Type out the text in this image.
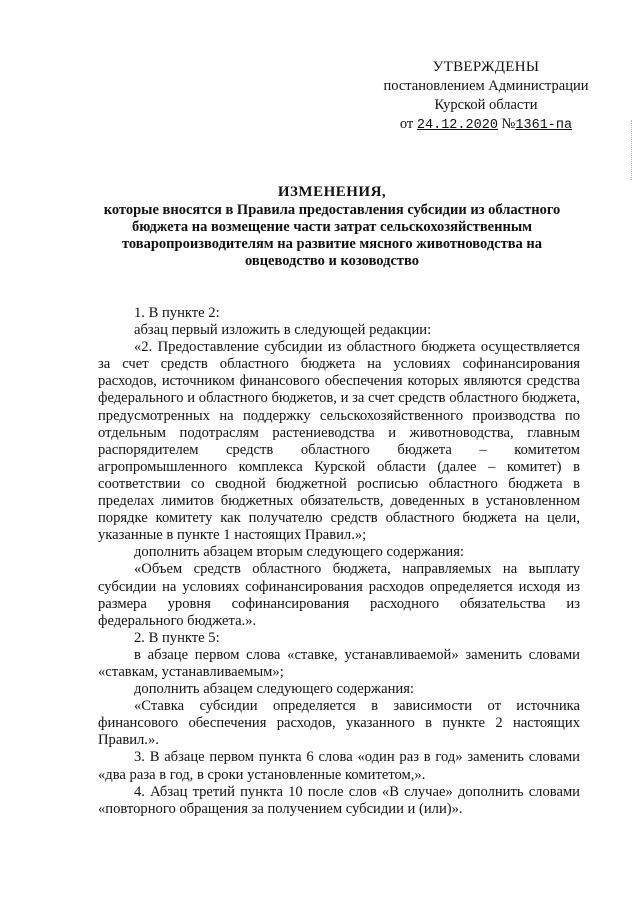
УТВЕРЖДЕНЫ
постановлением Администрации
Курской области
от 24.12.2020 №1361-па
ИЗМЕНЕНИЯ,
которые вносятся в Правила предоставления субсидии из областного
бюджета на возмещение части затрат сельскохозяйственным
товаропроизводителям на развитие мясного животноводства на
овцеводство и козоводство

1. В пункте 2:

абзац первый изложить в следующей редакции:

«2. Предоставление субсидии из областного бюджета осуществляется за счет средств областного бюджета на условиях софинансирования расходов, источником финансового обеспечения которых являются средства федерального и областного бюджетов, и за счет средств областного бюджета, предусмотренных на поддержку сельскохозяйственного производства по отдельным подотраслям растениеводства и животноводства, главным распорядителем средств областного бюджета – комитетом агропромышленного комплекса Курской области (далее – комитет) в соответствии со сводной бюджетной росписью областного бюджета в пределах лимитов бюджетных обязательств, доведенных в установленном порядке комитету как получателю средств областного бюджета на цели, указанные в пункте 1 настоящих Правил.»;

дополнить абзацем вторым следующего содержания:

«Объем средств областного бюджета, направляемых на выплату субсидии на условиях софинансирования расходов определяется исходя из размера уровня софинансирования расходного обязательства из федерального бюджета.».

2. В пункте 5:

в абзаце первом слова «ставке, устанавливаемой» заменить словами «ставкам, устанавливаемым»;

дополнить абзацем следующего содержания:

«Ставка субсидии определяется в зависимости от источника финансового обеспечения расходов, указанного в пункте 2 настоящих Правил.».

3. В абзаце первом пункта 6 слова «один раз в год» заменить словами «два раза в год, в сроки установленные комитетом,».

4. Абзац третий пункта 10 после слов «В случае» дополнить словами «повторного обращения за получением субсидии и (или)».
